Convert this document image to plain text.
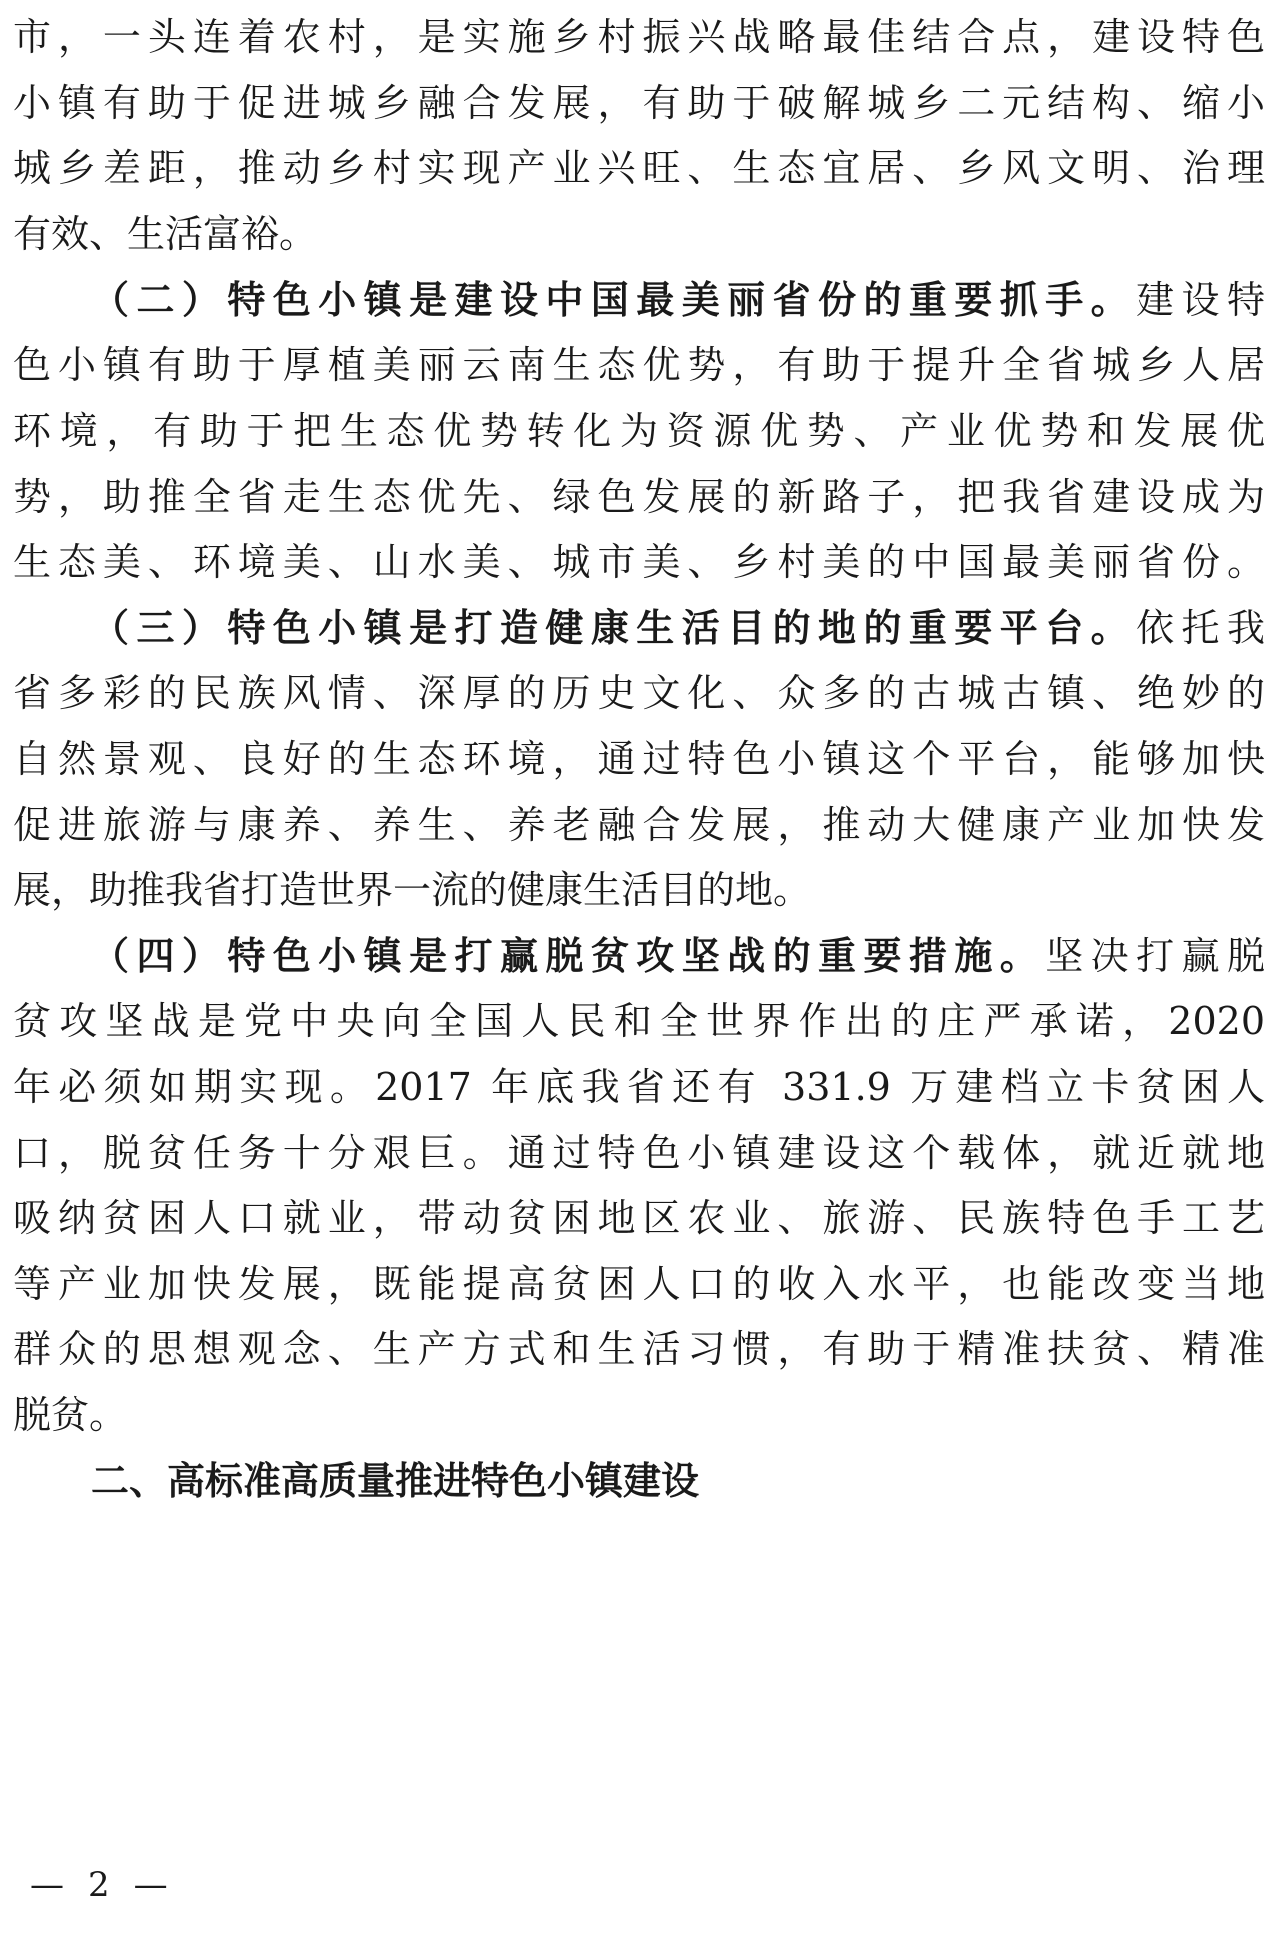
市，一头连着农村，是实施乡村振兴战略最佳结合点，建设特色
小镇有助于促进城乡融合发展，有助于破解城乡二元结构、缩小
城乡差距，推动乡村实现产业兴旺、生态宜居、乡风文明、治理
有效、生活富裕。
（二）特色小镇是建设中国最美丽省份的重要抓手。建设特
色小镇有助于厚植美丽云南生态优势，有助于提升全省城乡人居
环境，有助于把生态优势转化为资源优势、产业优势和发展优
势，助推全省走生态优先、绿色发展的新路子，把我省建设成为
生态美、环境美、山水美、城市美、乡村美的中国最美丽省份。
（三）特色小镇是打造健康生活目的地的重要平台。依托我
省多彩的民族风情、深厚的历史文化、众多的古城古镇、绝妙的
自然景观、良好的生态环境，通过特色小镇这个平台，能够加快
促进旅游与康养、养生、养老融合发展，推动大健康产业加快发
展，助推我省打造世界一流的健康生活目的地。
（四）特色小镇是打赢脱贫攻坚战的重要措施。坚决打赢脱
贫攻坚战是党中央向全国人民和全世界作出的庄严承诺，2020
年必须如期实现。2017 年底我省还有 331.9 万建档立卡贫困人
口，脱贫任务十分艰巨。通过特色小镇建设这个载体，就近就地
吸纳贫困人口就业，带动贫困地区农业、旅游、民族特色手工艺
等产业加快发展，既能提高贫困人口的收入水平，也能改变当地
群众的思想观念、生产方式和生活习惯，有助于精准扶贫、精准
脱贫。
二、高标准高质量推进特色小镇建设
— 2 —
